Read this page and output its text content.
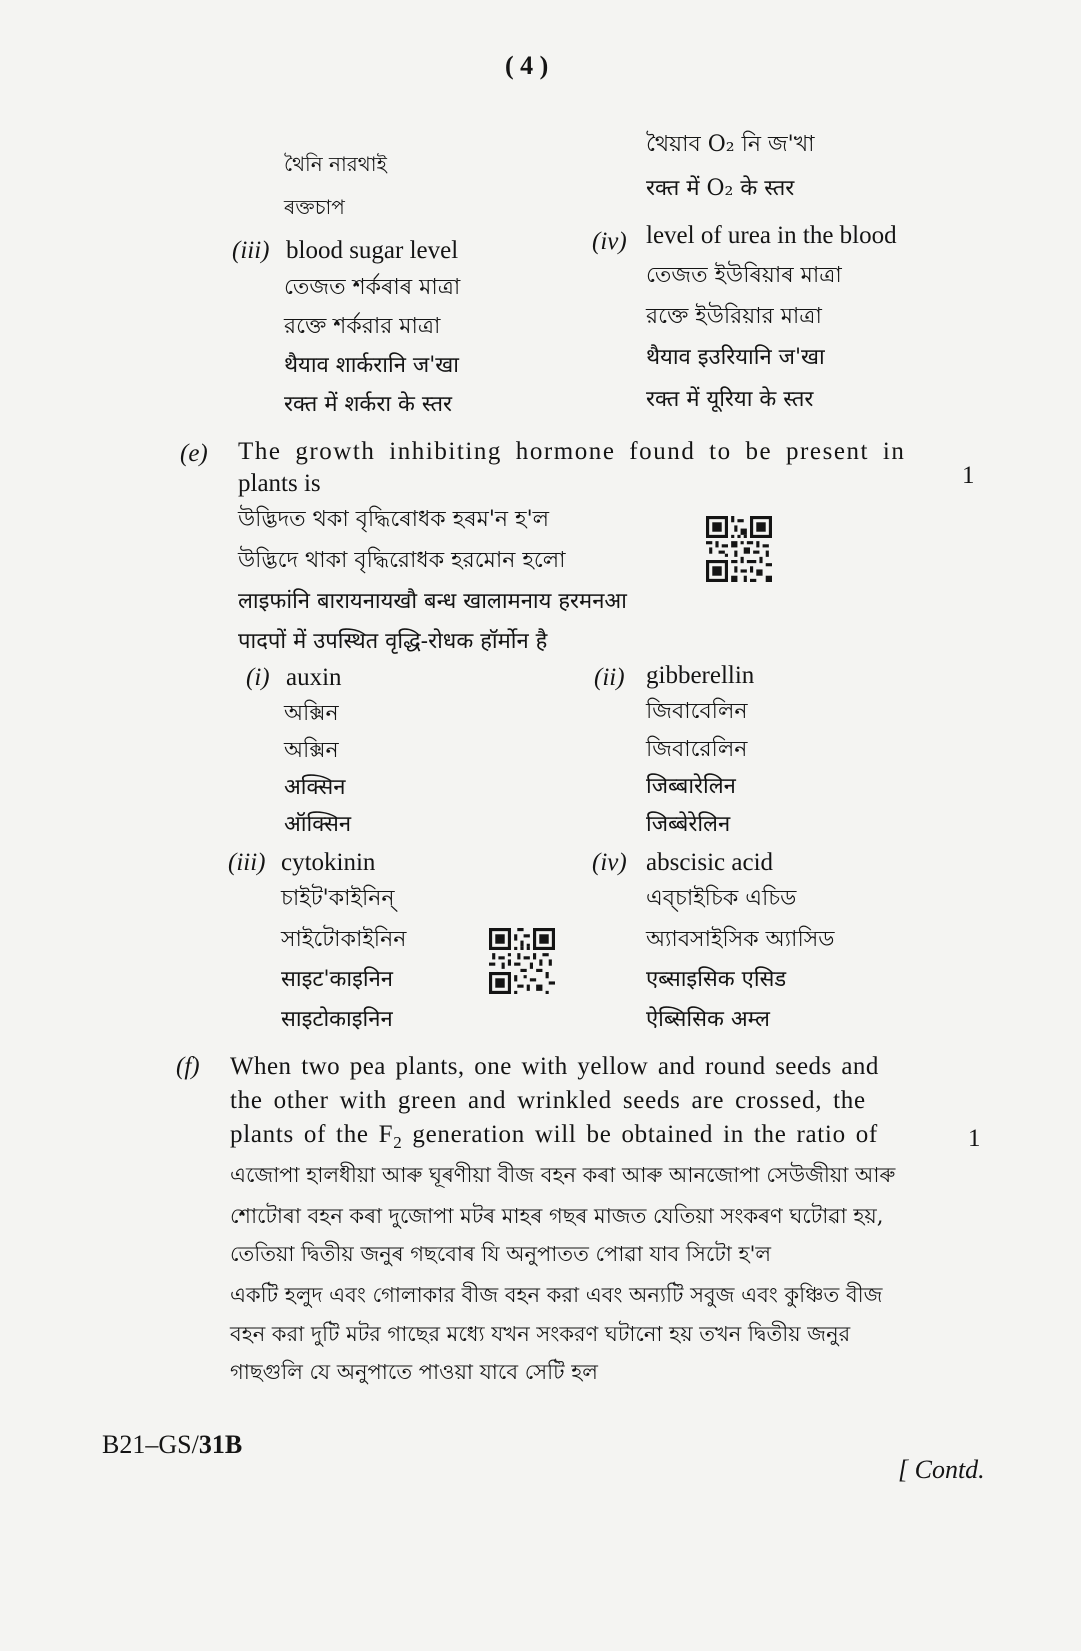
( 4 )
থৈনি নারথাই
ৰক্তচাপ
থৈয়াব O₂ নি জ'খা
रक्त में O₂ के स्तर
(iii) blood sugar level
তেজত শৰ্কৰাৰ মাত্ৰা
রক্তে শর্করার মাত্রা
थैयाव शार्करानि ज'खा
रक्त में शर्करा के स्तर
(iv) level of urea in the blood
তেজত ইউৰিয়াৰ মাত্ৰা
রক্তে ইউরিয়ার মাত্রা
थैयाव इउरियानि ज'खा
रक्त में यूरिया के स्तर
(e) The growth inhibiting hormone found to be present in
plants is	1
উদ্ভিদত থকা বৃদ্ধিৰোধক হৰম'ন হ'ল
উদ্ভিদে থাকা বৃদ্ধিরোধক হরমোন হলো
लाइफांनि बारायनायखौ बन्ध खालामनाय हरमनआ
पादपों में उपस्थित वृद्धि-रोधक हॉर्मोन है
(i) auxin
অক্সিন
অক্সিন
अक्सिन
ऑक्सिन
(ii) gibberellin
জিবাবেলিন
জিবারেলিন
जिब्बारेलिन
जिब्बेरेलिन
(iii) cytokinin
চাইট'কাইনিন্
সাইটোকাইনিন
साइट'काइनिन
साइटोकाइनिन
(iv) abscisic acid
এব্‌চাইচিক এচিড
অ্যাবসাইসিক অ্যাসিড
एब्साइसिक एसिड
ऐब्सिसिक अम्ल
(f) When two pea plants, one with yellow and round seeds and
the other with green and wrinkled seeds are crossed, the
plants of the $F_2$ generation will be obtained in the ratio of	1
এজোপা হালধীয়া আৰু ঘূৰণীয়া বীজ বহন কৰা আৰু আনজোপা সেউজীয়া আৰু
শোটোৰা বহন কৰা দুজোপা মটৰ মাহৰ গছৰ মাজত যেতিয়া সংকৰণ ঘটোৱা হয়,
তেতিয়া দ্বিতীয় জনুৰ গছবোৰ যি অনুপাতত পোৱা যাব সিটো হ'ল
একটি হলুদ এবং গোলাকার বীজ বহন করা এবং অন্যটি সবুজ এবং কুঞ্চিত বীজ
বহন করা দুটি মটর গাছের মধ্যে যখন সংকরণ ঘটানো হয় তখন দ্বিতীয় জনুর
গাছগুলি যে অনুপাতে পাওয়া যাবে সেটি হল
B21–GS/31B
[ Contd.
